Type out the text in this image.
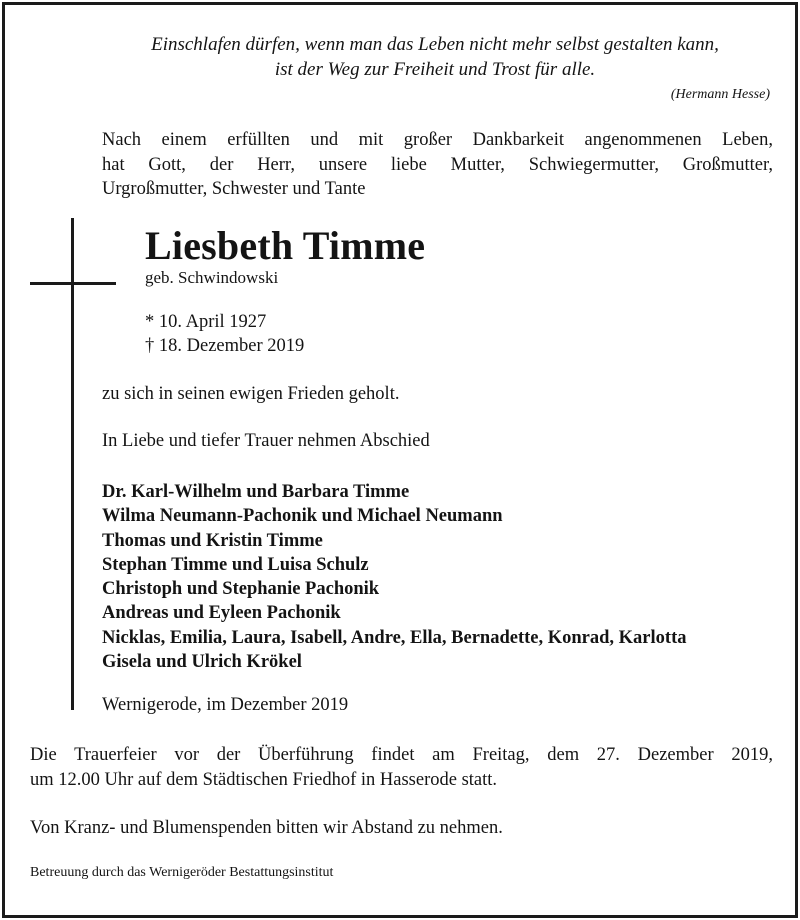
Einschlafen dürfen, wenn man das Leben nicht mehr selbst gestalten kann,
ist der Weg zur Freiheit und Trost für alle.
(Hermann Hesse)
Nach einem erfüllten und mit großer Dankbarkeit angenommenen Leben,
hat Gott, der Herr, unsere liebe Mutter, Schwiegermutter, Großmutter,
Urgroßmutter, Schwester und Tante
Liesbeth Timme
geb. Schwindowski
* 10. April 1927
† 18. Dezember 2019
zu sich in seinen ewigen Frieden geholt.
In Liebe und tiefer Trauer nehmen Abschied
Dr. Karl-Wilhelm und Barbara Timme
Wilma Neumann-Pachonik und Michael Neumann
Thomas und Kristin Timme
Stephan Timme und Luisa Schulz
Christoph und Stephanie Pachonik
Andreas und Eyleen Pachonik
Nicklas, Emilia, Laura, Isabell, Andre, Ella, Bernadette, Konrad, Karlotta
Gisela und Ulrich Krökel
Wernigerode, im Dezember 2019
Die Trauerfeier vor der Überführung findet am Freitag, dem 27. Dezember 2019,
um 12.00 Uhr auf dem Städtischen Friedhof in Hasserode statt.
Von Kranz- und Blumenspenden bitten wir Abstand zu nehmen.
Betreuung durch das Wernigeröder Bestattungsinstitut
